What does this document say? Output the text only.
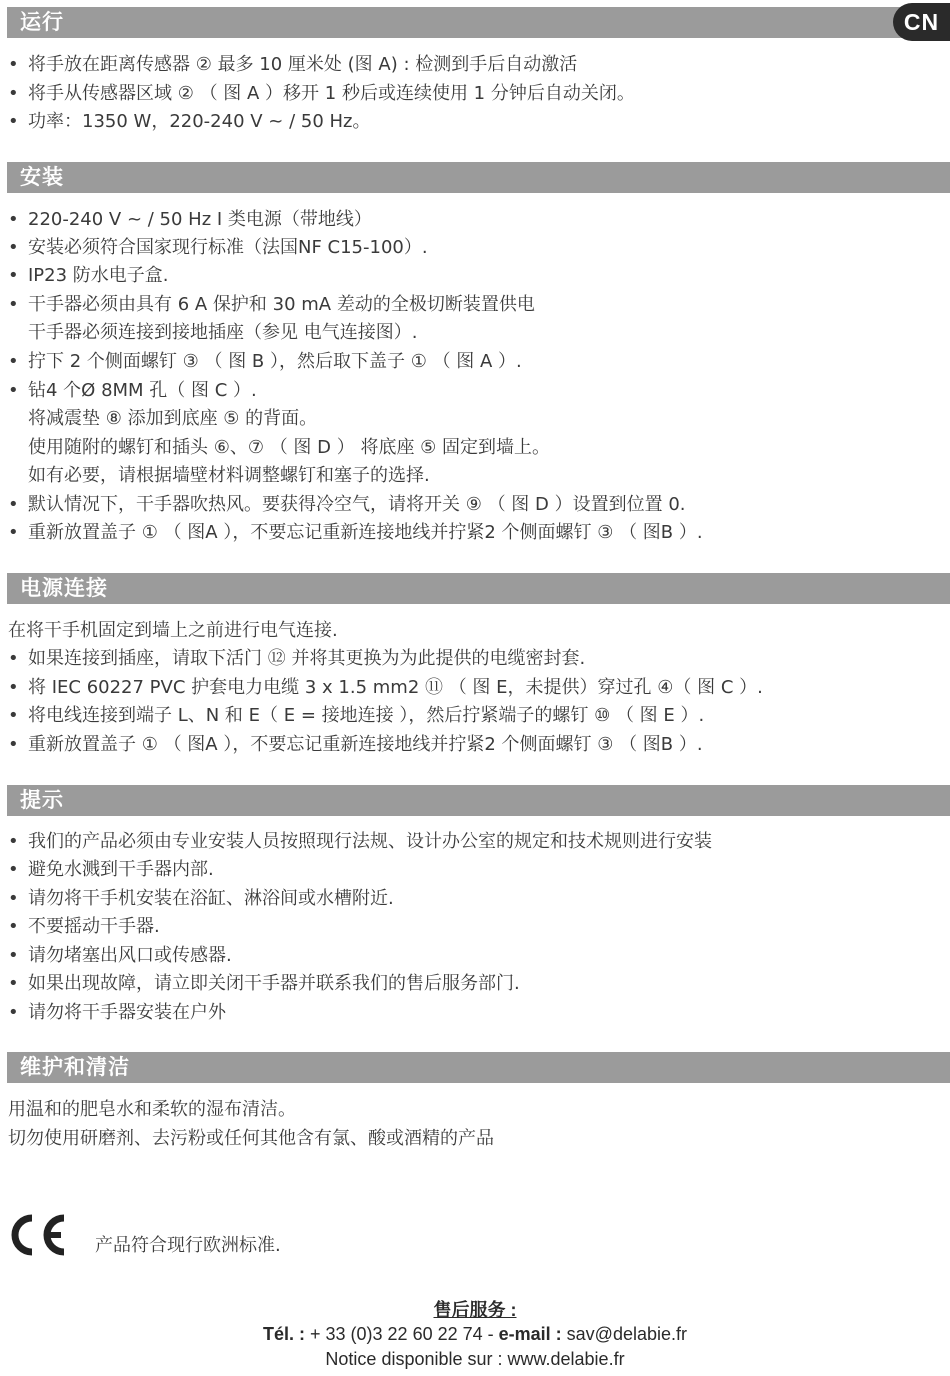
运行	CN
• 将手放在距离传感器 ② 最多 10 厘米处 (图 A) : 检测到手后自动激活
• 将手从传感器区域 ② （ 图 A ）移开 1 秒后或连续使用 1 分钟后自动关闭。
• 功率：1350 W，220-240 V ~ / 50 Hz。
安装
• 220-240 V ~ / 50 Hz I 类电源（带地线）
• 安装必须符合国家现行标准（法国NF C15-100）.
• IP23 防水电子盒.
• 干手器必须由具有 6 A 保护和 30 mA 差动的全极切断装置供电
干手器必须连接到接地插座（参见 电气连接图）.
• 拧下 2 个侧面螺钉 ③ （ 图 B ），然后取下盖子 ① （ 图 A ）.
• 钻4 个Ø 8MM 孔（ 图 C ）.
将减震垫 ⑧ 添加到底座 ⑤ 的背面。
使用随附的螺钉和插头 ⑥、⑦ （ 图 D ） 将底座 ⑤ 固定到墙上。
如有必要，请根据墙壁材料调整螺钉和塞子的选择.
• 默认情况下，干手器吹热风。要获得冷空气，请将开关 ⑨ （ 图 D ）设置到位置 0.
• 重新放置盖子 ① （ 图A ），不要忘记重新连接地线并拧紧2 个侧面螺钉 ③ （ 图B ）.
电源连接
在将干手机固定到墙上之前进行电气连接.
• 如果连接到插座，请取下活门 ⑫ 并将其更换为为此提供的电缆密封套.
• 将 IEC 60227 PVC 护套电力电缆 3 x 1.5 mm2 ⑪ （ 图 E，未提供）穿过孔 ④（ 图 C ）.
• 将电线连接到端子 L、N 和 E（ E = 接地连接 ），然后拧紧端子的螺钉 ⑩ （ 图 E ）.
• 重新放置盖子 ① （ 图A ），不要忘记重新连接地线并拧紧2 个侧面螺钉 ③ （ 图B ）.
提示
• 我们的产品必须由专业安装人员按照现行法规、设计办公室的规定和技术规则进行安装
• 避免水溅到干手器内部.
• 请勿将干手机安装在浴缸、淋浴间或水槽附近.
• 不要摇动干手器.
• 请勿堵塞出风口或传感器.
• 如果出现故障，请立即关闭干手器并联系我们的售后服务部门.
• 请勿将干手器安装在户外
维护和清洁
用温和的肥皂水和柔软的湿布清洁。
切勿使用研磨剂、去污粉或任何其他含有氯、酸或酒精的产品
产品符合现行欧洲标准.
售后服务 :
Tél. : + 33 (0)3 22 60 22 74 - e-mail : sav@delabie.fr
Notice disponible sur : www.delabie.fr
